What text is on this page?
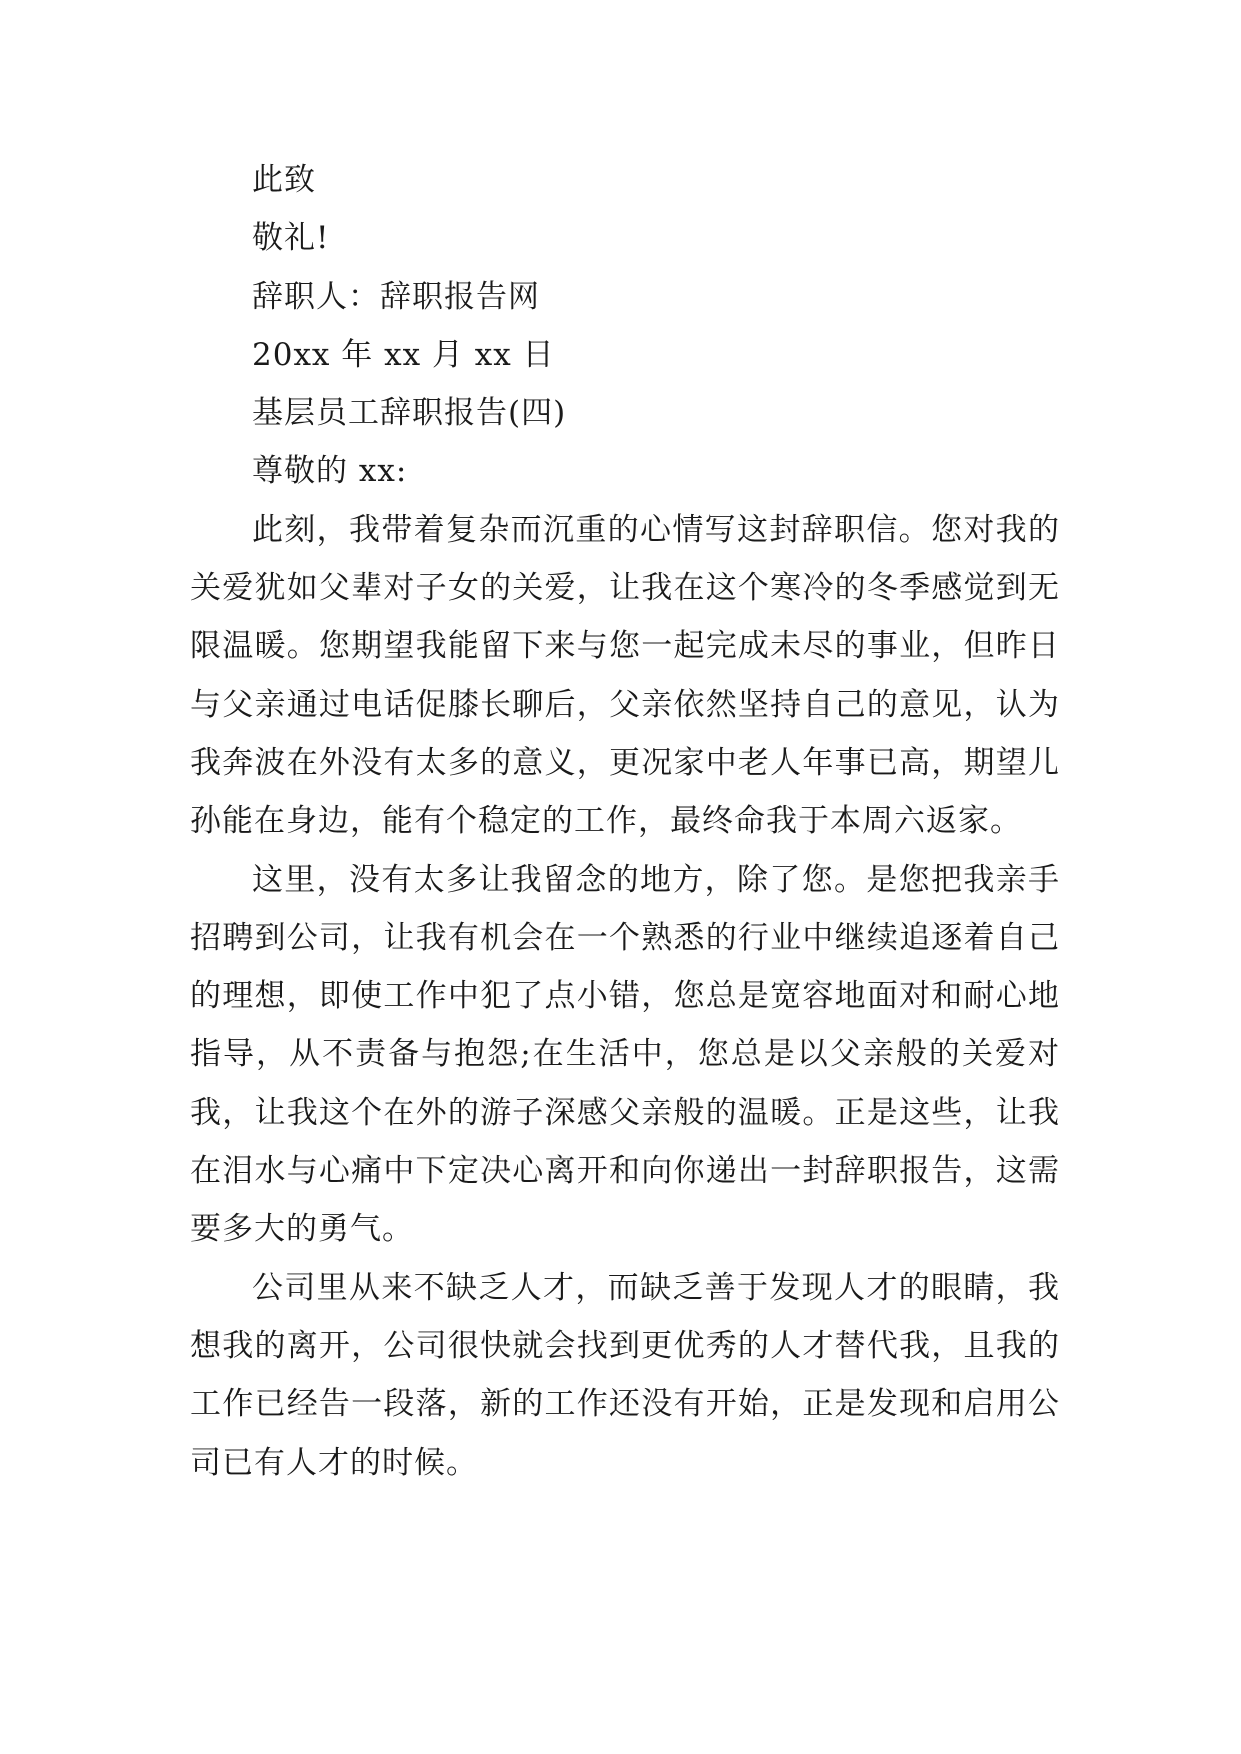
此致

敬礼!

辞职人：辞职报告网

20xx 年 xx 月 xx 日

基层员工辞职报告(四)

尊敬的 xx:

此刻，我带着复杂而沉重的心情写这封辞职信。您对我的关爱犹如父辈对子女的关爱，让我在这个寒冷的冬季感觉到无限温暖。您期望我能留下来与您一起完成未尽的事业，但昨日与父亲通过电话促膝长聊后，父亲依然坚持自己的意见，认为我奔波在外没有太多的意义，更况家中老人年事已高，期望儿孙能在身边，能有个稳定的工作，最终命我于本周六返家。

这里，没有太多让我留念的地方，除了您。是您把我亲手招聘到公司，让我有机会在一个熟悉的行业中继续追逐着自己的理想，即使工作中犯了点小错，您总是宽容地面对和耐心地指导，从不责备与抱怨;在生活中，您总是以父亲般的关爱对我，让我这个在外的游子深感父亲般的温暖。正是这些，让我在泪水与心痛中下定决心离开和向你递出一封辞职报告，这需要多大的勇气。

公司里从来不缺乏人才，而缺乏善于发现人才的眼睛，我想我的离开，公司很快就会找到更优秀的人才替代我，且我的工作已经告一段落，新的工作还没有开始，正是发现和启用公司已有人才的时候。
